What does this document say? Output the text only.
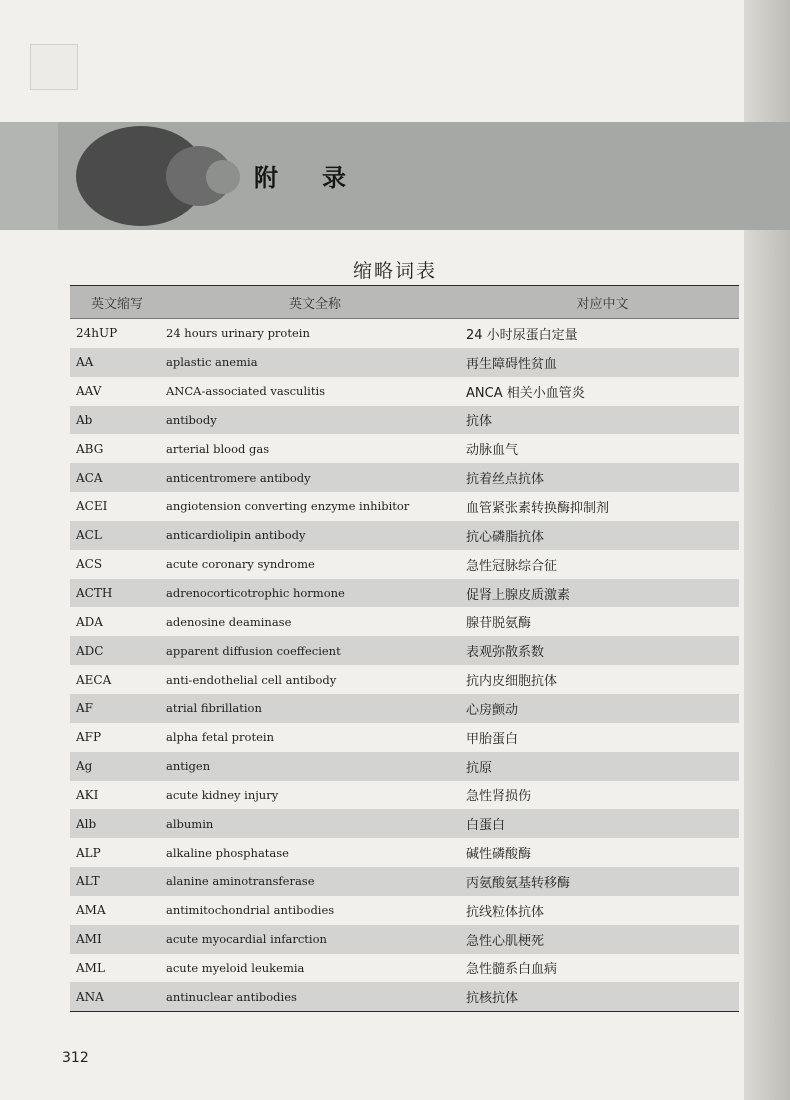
附录
缩略词表
英文缩写	英文全称	对应中文
24hUP	24 hours urinary protein	24 小时尿蛋白定量
AA	aplastic anemia	再生障碍性贫血
AAV	ANCA-associated vasculitis	ANCA 相关小血管炎
Ab	antibody	抗体
ABG	arterial blood gas	动脉血气
ACA	anticentromere antibody	抗着丝点抗体
ACEI	angiotension converting enzyme inhibitor	血管紧张素转换酶抑制剂
ACL	anticardiolipin antibody	抗心磷脂抗体
ACS	acute coronary syndrome	急性冠脉综合征
ACTH	adrenocorticotrophic hormone	促肾上腺皮质激素
ADA	adenosine deaminase	腺苷脱氨酶
ADC	apparent diffusion coeffecient	表观弥散系数
AECA	anti-endothelial cell antibody	抗内皮细胞抗体
AF	atrial fibrillation	心房颤动
AFP	alpha fetal protein	甲胎蛋白
Ag	antigen	抗原
AKI	acute kidney injury	急性肾损伤
Alb	albumin	白蛋白
ALP	alkaline phosphatase	碱性磷酸酶
ALT	alanine aminotransferase	丙氨酸氨基转移酶
AMA	antimitochondrial antibodies	抗线粒体抗体
AMI	acute myocardial infarction	急性心肌梗死
AML	acute myeloid leukemia	急性髓系白血病
ANA	antinuclear antibodies	抗核抗体
312
